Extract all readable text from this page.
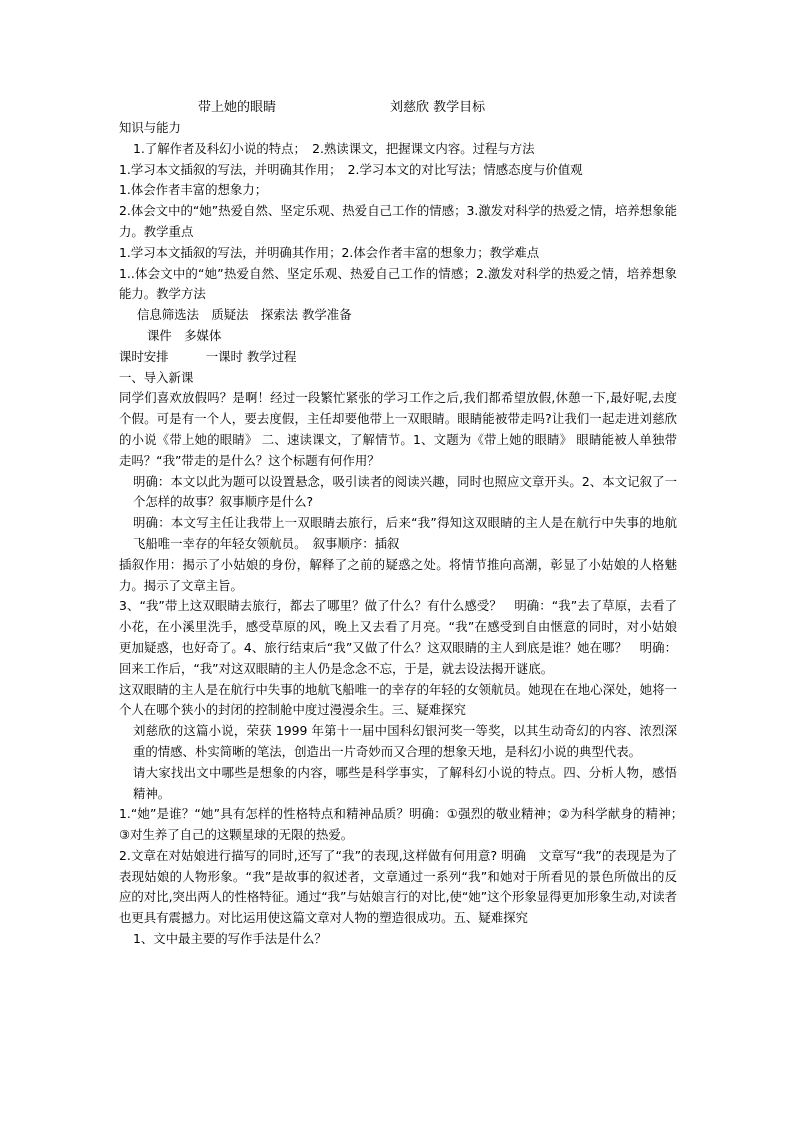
带上她的眼睛	刘慈欣 教学目标

知识与能力

1.了解作者及科幻小说的特点；　2.熟读课文，把握课文内容。过程与方法

1.学习本文插叙的写法，并明确其作用；　2.学习本文的对比写法；情感态度与价值观

1.体会作者丰富的想象力；

2.体会文中的“她”热爱自然、坚定乐观、热爱自己工作的情感；3.激发对科学的热爱之情，培养想象能力。教学重点

1.学习本文插叙的写法，并明确其作用；2.体会作者丰富的想象力；教学难点

1..体会文中的“她”热爱自然、坚定乐观、热爱自己工作的情感；2.激发对科学的热爱之情，培养想象能力。教学方法

信息筛选法　质疑法　探索法 教学准备

课件　多媒体

课时安排　　　一课时 教学过程

一、导入新课

同学们喜欢放假吗？是啊！经过一段繁忙紧张的学习工作之后,我们都希望放假,休憩一下,最好呢,去度个假。可是有一个人，要去度假，主任却要他带上一双眼睛。眼睛能被带走吗?让我们一起走进刘慈欣的小说《带上她的眼睛》 二、速读课文，了解情节。1、文题为《带上她的眼睛》 眼睛能被人单独带走吗？“我”带走的是什么？这个标题有何作用？

明确：本文以此为题可以设置悬念，吸引读者的阅读兴趣，同时也照应文章开头。2、本文记叙了一个怎样的故事？叙事顺序是什么?

明确：本文写主任让我带上一双眼睛去旅行，后来“我”得知这双眼睛的主人是在航行中失事的地航飞船唯一幸存的年轻女领航员。　叙事顺序：插叙

插叙作用：揭示了小姑娘的身份，解释了之前的疑惑之处。将情节推向高潮，彰显了小姑娘的人格魅力。揭示了文章主旨。

3、“我”带上这双眼睛去旅行，都去了哪里？做了什么？有什么感受？　明确：“我”去了草原，去看了小花，在小溪里洗手，感受草原的风，晚上又去看了月亮。“我”在感受到自由惬意的同时，对小姑娘更加疑惑，也好奇了。4、旅行结束后“我”又做了什么？这双眼睛的主人到底是谁？她在哪？　明确：回来工作后，“我”对这双眼睛的主人仍是念念不忘，于是，就去设法揭开谜底。

这双眼睛的主人是在航行中失事的地航飞船唯一的幸存的年轻的女领航员。她现在在地心深处，她将一个人在哪个狭小的封闭的控制舱中度过漫漫余生。三、疑难探究

刘慈欣的这篇小说，荣获 1999 年第十一届中国科幻银河奖一等奖，以其生动奇幻的内容、浓烈深重的情感、朴实简晰的笔法，创造出一片奇妙而又合理的想象天地，是科幻小说的典型代表。

请大家找出文中哪些是想象的内容，哪些是科学事实，了解科幻小说的特点。四、分析人物，感悟精神。

1.“她”是谁？“她”具有怎样的性格特点和精神品质？明确：①强烈的敬业精神；②为科学献身的精神；　　③对生养了自己的这颗星球的无限的热爱。

2.文章在对姑娘进行描写的同时,还写了“我”的表现,这样做有何用意? 明确　文章写“我”的表现是为了表现姑娘的人物形象。“我”是故事的叙述者，文章通过一系列“我”和她对于所看见的景色所做出的反应的对比,突出两人的性格特征。通过“我”与姑娘言行的对比,使“她”这个形象显得更加形象生动,对读者也更具有震撼力。对比运用使这篇文章对人物的塑造很成功。五、疑难探究

1、文中最主要的写作手法是什么？
